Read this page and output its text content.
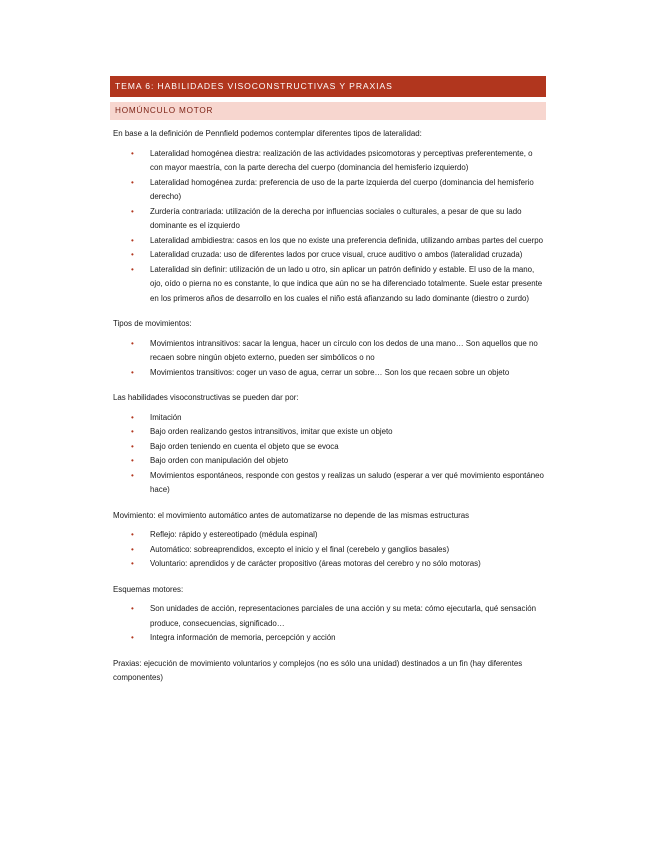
TEMA 6: HABILIDADES VISOCONSTRUCTIVAS Y PRAXIAS
HOMÚNCULO MOTOR
En base a la definición de Pennfield podemos contemplar diferentes tipos de lateralidad:
• Lateralidad homogénea diestra: realización de las actividades psicomotoras y perceptivas preferentemente, o con mayor maestría, con la parte derecha del cuerpo (dominancia del hemisferio izquierdo)
• Lateralidad homogénea zurda: preferencia de uso de la parte izquierda del cuerpo (dominancia del hemisferio derecho)
• Zurdería contrariada: utilización de la derecha por influencias sociales o culturales, a pesar de que su lado dominante es el izquierdo
• Lateralidad ambidiestra: casos en los que no existe una preferencia definida, utilizando ambas partes del cuerpo
• Lateralidad cruzada: uso de diferentes lados por cruce visual, cruce auditivo o ambos (lateralidad cruzada)
• Lateralidad sin definir: utilización de un lado u otro, sin aplicar un patrón definido y estable. El uso de la mano, ojo, oído o pierna no es constante, lo que indica que aún no se ha diferenciado totalmente. Suele estar presente en los primeros años de desarrollo en los cuales el niño está afianzando su lado dominante (diestro o zurdo)
Tipos de movimientos:
• Movimientos intransitivos: sacar la lengua, hacer un círculo con los dedos de una mano… Son aquellos que no recaen sobre ningún objeto externo, pueden ser simbólicos o no
• Movimientos transitivos: coger un vaso de agua, cerrar un sobre… Son los que recaen sobre un objeto
Las habilidades visoconstructivas se pueden dar por:
• Imitación
• Bajo orden realizando gestos intransitivos, imitar que existe un objeto
• Bajo orden teniendo en cuenta el objeto que se evoca
• Bajo orden con manipulación del objeto
• Movimientos espontáneos, responde con gestos y realizas un saludo (esperar a ver qué movimiento espontáneo hace)
Movimiento: el movimiento automático antes de automatizarse no depende de las mismas estructuras
• Reflejo: rápido y estereotipado (médula espinal)
• Automático: sobreaprendidos, excepto el inicio y el final (cerebelo y ganglios basales)
• Voluntario: aprendidos y de carácter propositivo (áreas motoras del cerebro y no sólo motoras)
Esquemas motores:
• Son unidades de acción, representaciones parciales de una acción y su meta: cómo ejecutarla, qué sensación produce, consecuencias, significado…
• Integra información de memoria, percepción y acción
Praxias: ejecución de movimiento voluntarios y complejos (no es sólo una unidad) destinados a un fin (hay diferentes componentes)
